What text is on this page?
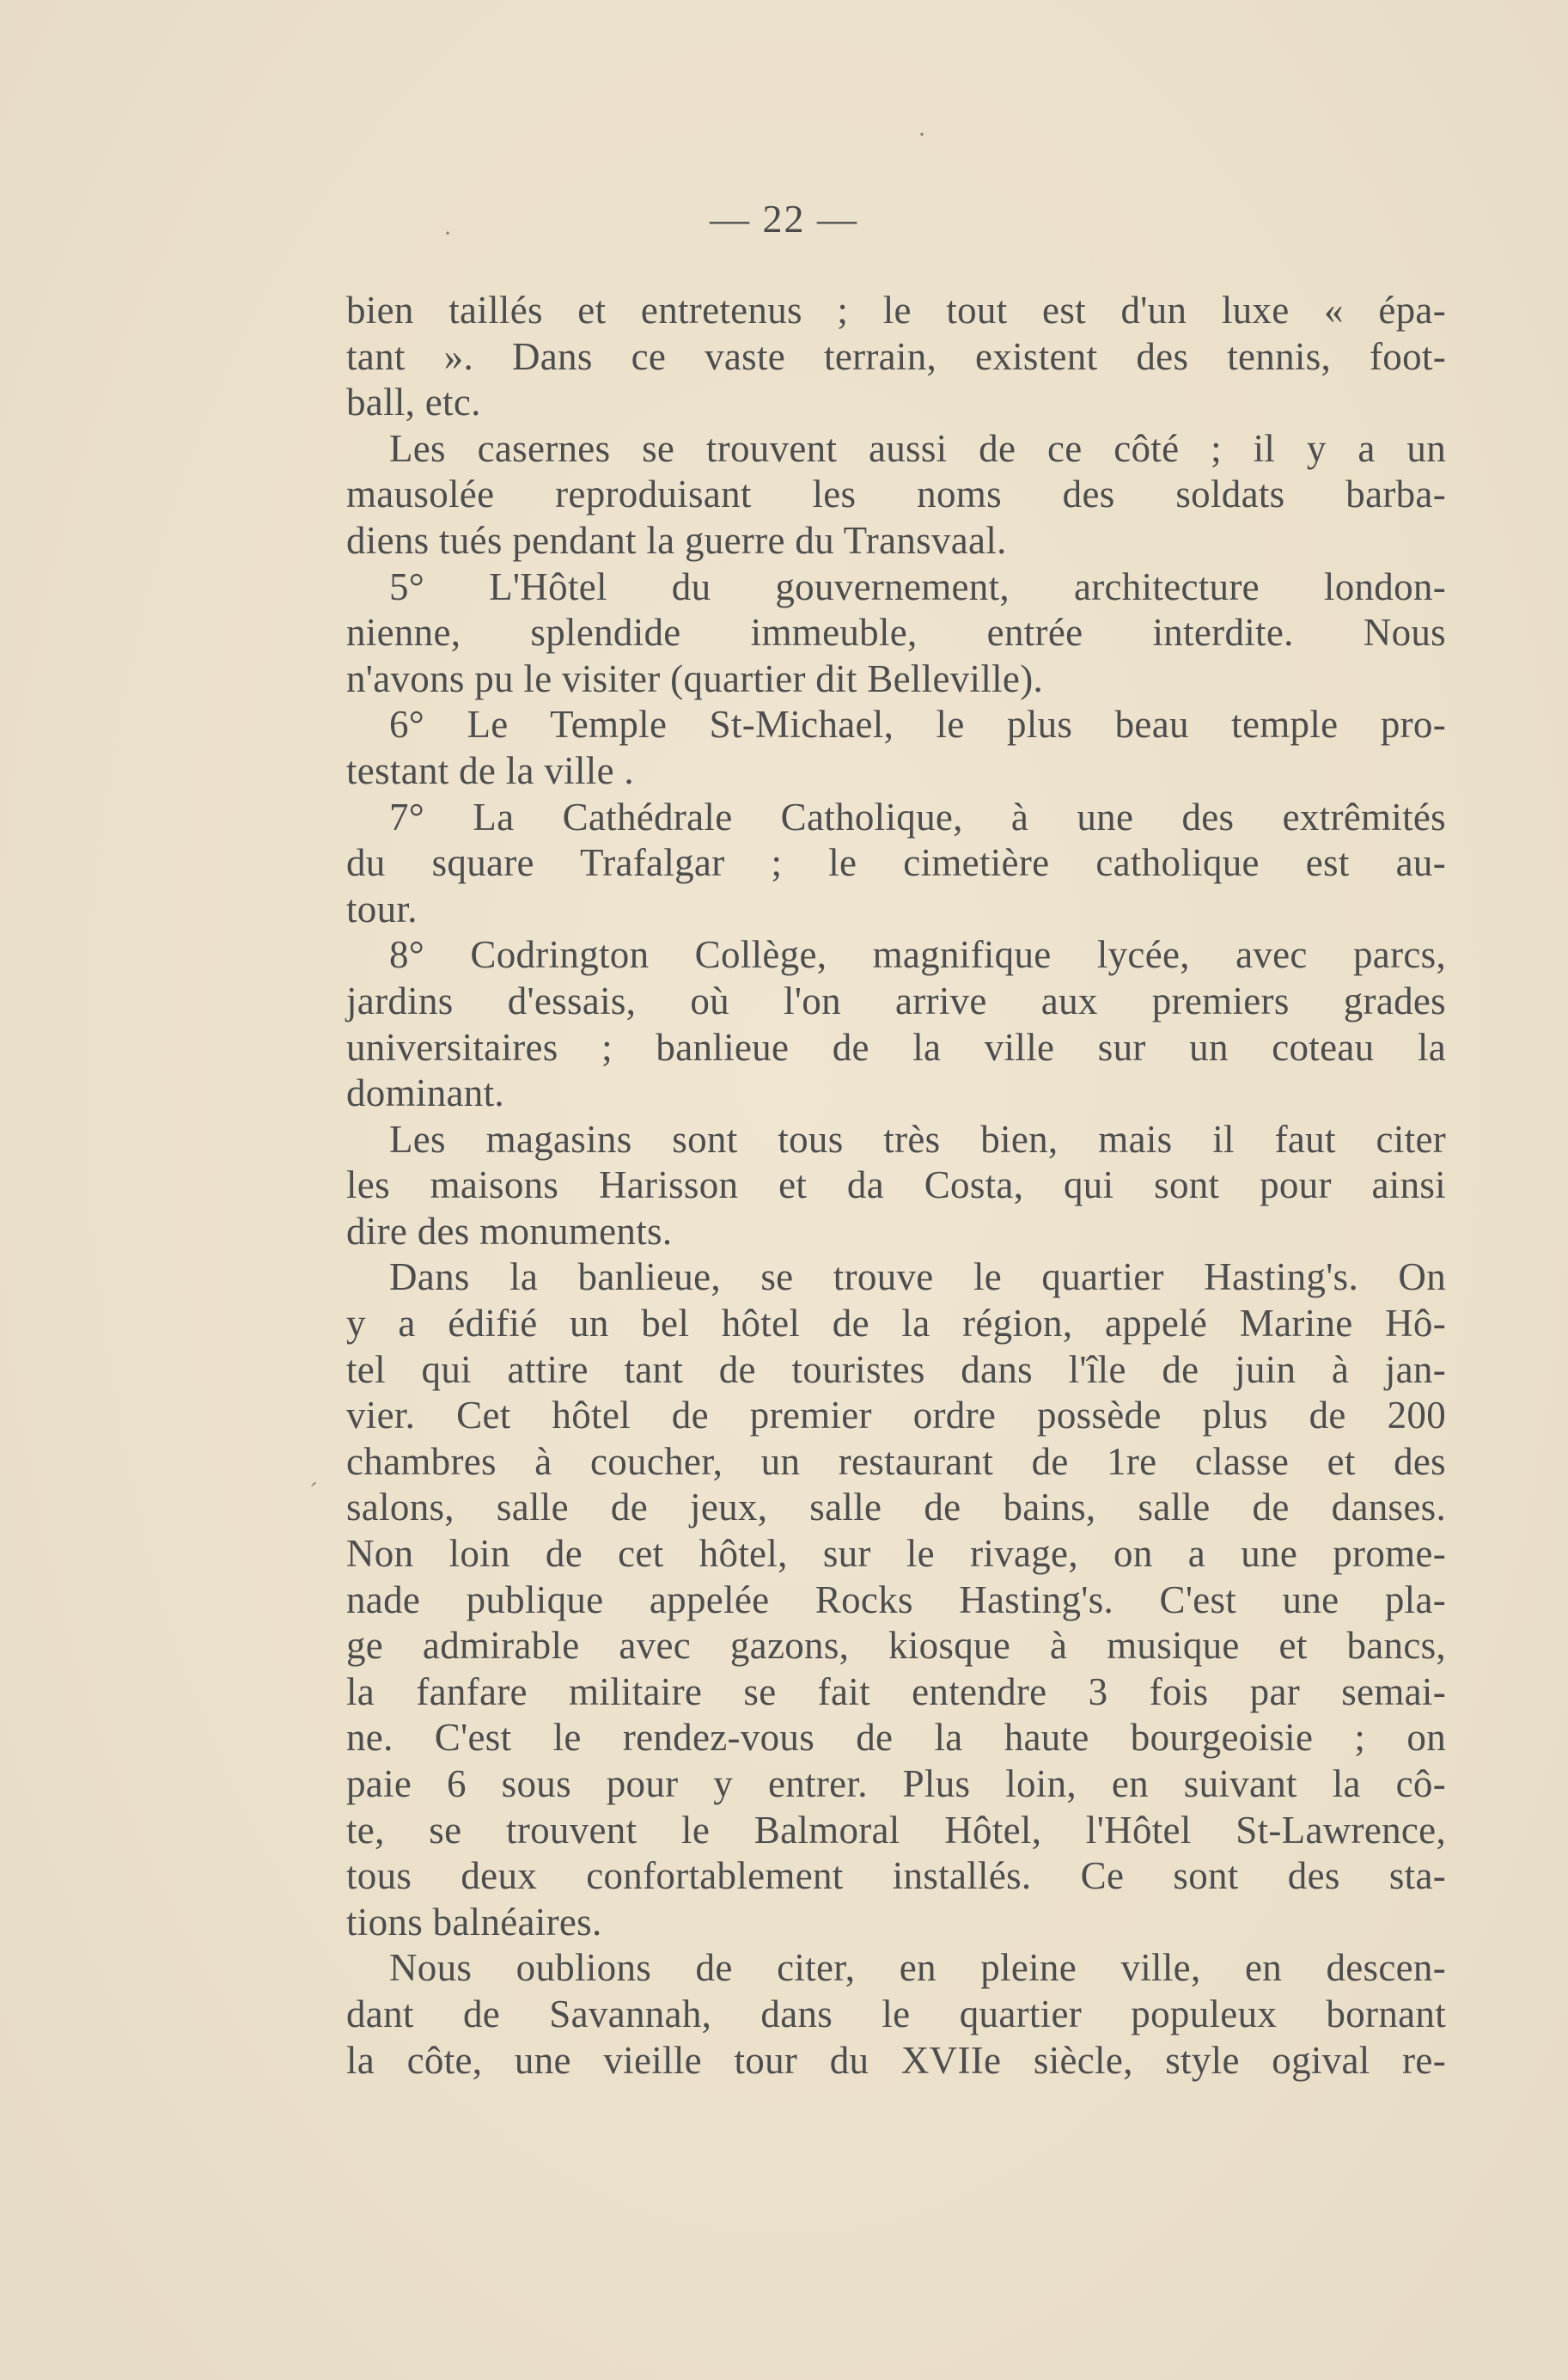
— 22 —
bien taillés et entretenus ; le tout est d'un luxe « épa-
tant ». Dans ce vaste terrain, existent des tennis, foot-
ball, etc.
Les casernes se trouvent aussi de ce côté ; il y a un
mausolée reproduisant les noms des soldats barba-
diens tués pendant la guerre du Transvaal.
5° L'Hôtel du gouvernement, architecture london-
nienne, splendide immeuble, entrée interdite. Nous
n'avons pu le visiter (quartier dit Belleville).
6° Le Temple St-Michael, le plus beau temple pro-
testant de la ville .
7° La Cathédrale Catholique, à une des extrêmités
du square Trafalgar ; le cimetière catholique est au-
tour.
8° Codrington Collège, magnifique lycée, avec parcs,
jardins d'essais, où l'on arrive aux premiers grades
universitaires ; banlieue de la ville sur un coteau la
dominant.
Les magasins sont tous très bien, mais il faut citer
les maisons Harisson et da Costa, qui sont pour ainsi
dire des monuments.
Dans la banlieue, se trouve le quartier Hasting's. On
y a édifié un bel hôtel de la région, appelé Marine Hô-
tel qui attire tant de touristes dans l'île de juin à jan-
vier. Cet hôtel de premier ordre possède plus de 200
chambres à coucher, un restaurant de 1re classe et des
salons, salle de jeux, salle de bains, salle de danses.
Non loin de cet hôtel, sur le rivage, on a une prome-
nade publique appelée Rocks Hasting's. C'est une pla-
ge admirable avec gazons, kiosque à musique et bancs,
la fanfare militaire se fait entendre 3 fois par semai-
ne. C'est le rendez-vous de la haute bourgeoisie ; on
paie 6 sous pour y entrer. Plus loin, en suivant la cô-
te, se trouvent le Balmoral Hôtel, l'Hôtel St-Lawrence,
tous deux confortablement installés. Ce sont des sta-
tions balnéaires.
Nous oublions de citer, en pleine ville, en descen-
dant de Savannah, dans le quartier populeux bornant
la côte, une vieille tour du XVIIe siècle, style ogival re-
·
·
ˊ
